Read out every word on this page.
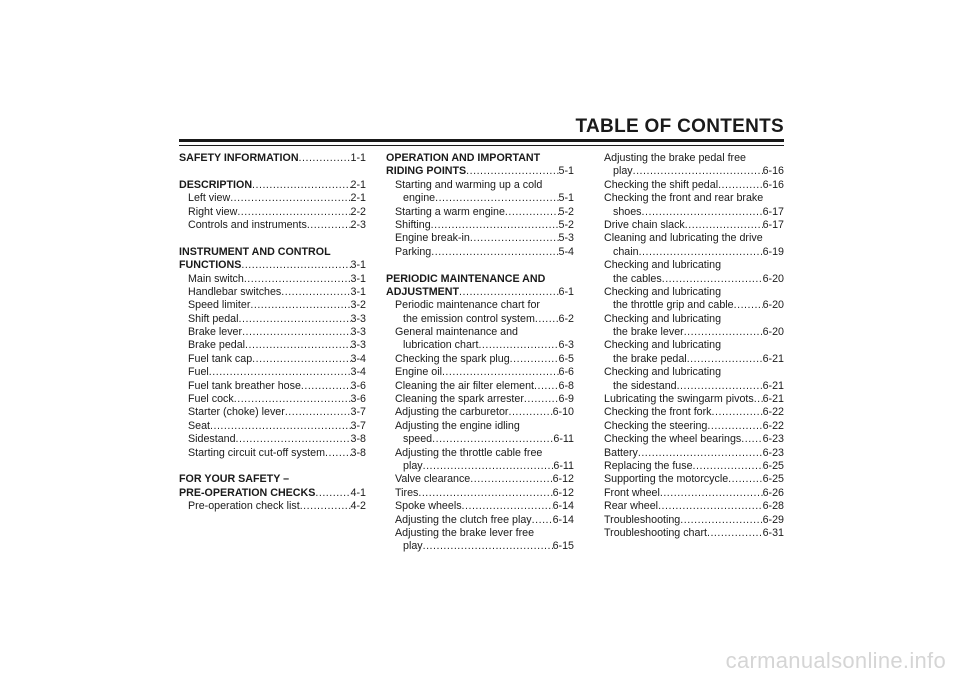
TABLE OF CONTENTS
SAFETY INFORMATION .....	1-1
DESCRIPTION .....	2-1
Left view .....	2-1
Right view .....	2-2
Controls and instruments .....	2-3
INSTRUMENT AND CONTROL
FUNCTIONS .....	3-1
Main switch .....	3-1
Handlebar switches .....	3-1
Speed limiter .....	3-2
Shift pedal .....	3-3
Brake lever .....	3-3
Brake pedal .....	3-3
Fuel tank cap .....	3-4
Fuel .....	3-4
Fuel tank breather hose .....	3-6
Fuel cock .....	3-6
Starter (choke) lever .....	3-7
Seat .....	3-7
Sidestand .....	3-8
Starting circuit cut-off system ..... 3-8
FOR YOUR SAFETY –
PRE-OPERATION CHECKS .....	4-1
Pre-operation check list .....	4-2
OPERATION AND IMPORTANT
RIDING POINTS .....	5-1
Starting and warming up a cold
engine .....	5-1
Starting a warm engine .....	5-2
Shifting .....	5-2
Engine break-in .....	5-3
Parking .....	5-4
PERIODIC MAINTENANCE AND
ADJUSTMENT .....	6-1
Periodic maintenance chart for
the emission control system ..... 6-2
General maintenance and
lubrication chart .....	6-3
Checking the spark plug .....	6-5
Engine oil .....	6-6
Cleaning the air filter element ..... 6-8
Cleaning the spark arrester .....	6-9
Adjusting the carburetor .....	6-10
Adjusting the engine idling
speed .....	6-11
Adjusting the throttle cable free
play .....	6-11
Valve clearance .....	6-12
Tires .....	6-12
Spoke wheels .....	6-14
Adjusting the clutch free play ..... 6-14
Adjusting the brake lever free
play .....	6-15
Adjusting the brake pedal free
play .....	6-16
Checking the shift pedal .....	6-16
Checking the front and rear brake
shoes .....	6-17
Drive chain slack .....	6-17
Cleaning and lubricating the drive
chain .....	6-19
Checking and lubricating
the cables .....	6-20
Checking and lubricating
the throttle grip and cable .....	6-20
Checking and lubricating
the brake lever .....	6-20
Checking and lubricating
the brake pedal .....	6-21
Checking and lubricating
the sidestand .....	6-21
Lubricating the swingarm pivots ..... 6-21
Checking the front fork .....	6-22
Checking the steering .....	6-22
Checking the wheel bearings ..... 6-23
Battery .....	6-23
Replacing the fuse .....	6-25
Supporting the motorcycle .....	6-25
Front wheel .....	6-26
Rear wheel .....	6-28
Troubleshooting .....	6-29
Troubleshooting chart .....	6-31
carmanualsonline.info
